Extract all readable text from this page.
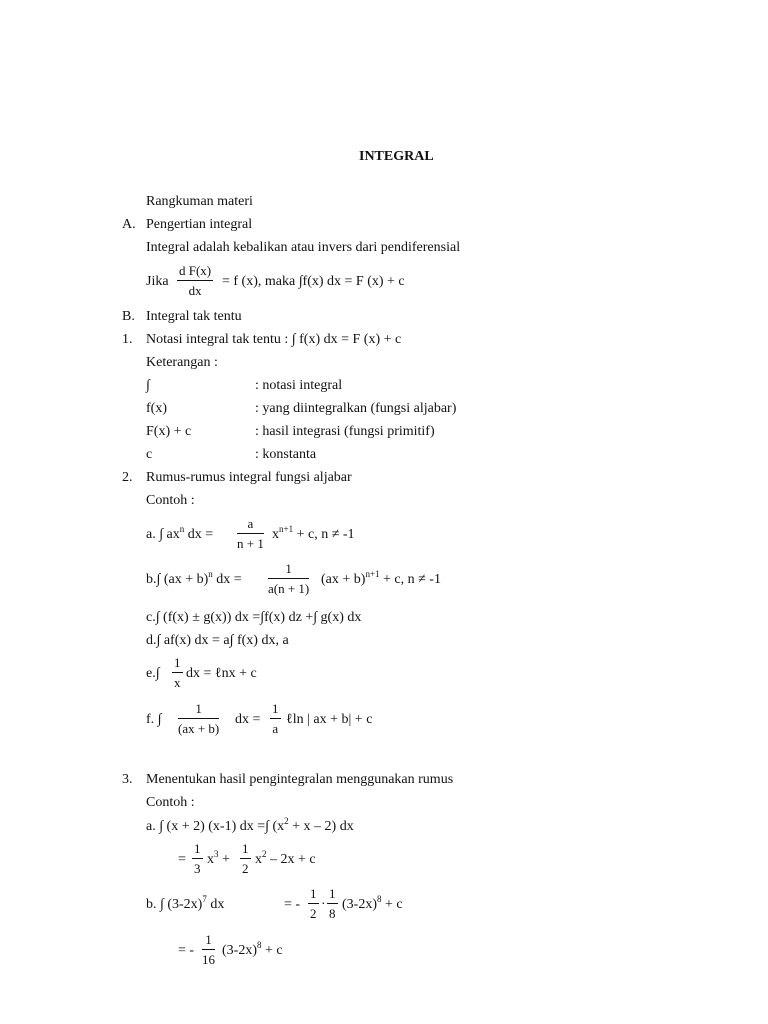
INTEGRAL
Rangkuman materi
A. Pengertian integral
Integral adalah kebalikan atau invers dari pendiferensial
Jika
d F(x)
dx
= f (x), maka ∫f(x) dx = F (x) + c
B. Integral tak tentu
1. Notasi integral tak tentu : ∫ f(x) dx = F (x) + c
Keterangan :
∫	: notasi integral
f(x)	: yang diintegralkan (fungsi aljabar)
F(x) + c	: hasil integrasi (fungsi primitif)
c	: konstanta
2. Rumus-rumus integral fungsi aljabar
Contoh :
a. ∫ $ax^n$ dx =
a
n + 1
$x^{n+1} + c$, n ≠ -1
b.∫ (ax + b)$^n$ dx =
1
a(n + 1)
(ax + b)$^{n+1}$ + c, n ≠ -1
c.∫ (f(x) ± g(x)) dx =∫f(x) dz +∫ g(x) dx
d.∫ af(x) dx = a∫ f(x) dx, a
e.∫
1
x
dx = ℓnx + c
f. ∫
1
(ax + b)
dx =
1
a
ℓln | ax + b| + c
3. Menentukan hasil pengintegralan menggunakan rumus
Contoh :
a. ∫ (x + 2) (x-1) dx =∫ $(x^2 + x - 2)$ dx
=
1
3
$x^3$ +
1
2
$x^2 - 2x + c$
b. ∫ $(3-2x)^7$ dx	= -
1
2
·
1
8
$(3-2x)^8 + c$
= -
1
16
$(3-2x)^8 + c$
